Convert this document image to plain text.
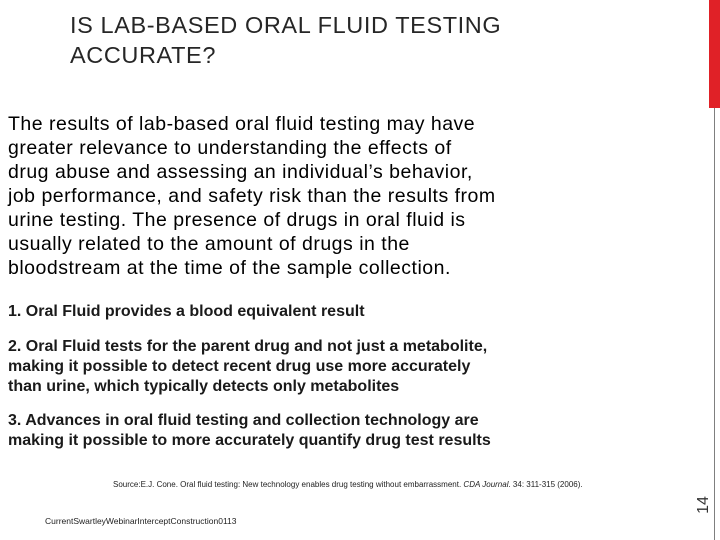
IS LAB-BASED ORAL FLUID TESTING
ACCURATE?
The results of lab-based oral fluid testing may have
greater relevance to understanding the effects of
drug abuse and assessing an individual’s behavior,
job performance, and safety risk than the results from
urine testing. The presence of drugs in oral fluid is
usually related to the amount of drugs in the
bloodstream at the time of the sample collection.
1. Oral Fluid provides a blood equivalent result
2. Oral Fluid tests for the parent drug and not just a metabolite,
making it possible to detect recent drug use more accurately
than urine, which typically detects only metabolites
3. Advances in oral fluid testing and collection technology are
making it possible to more accurately quantify drug test results
Source:E.J. Cone. Oral fluid testing: New technology enables drug testing without embarrassment. CDA Journal. 34: 311-315 (2006).
CurrentSwartleyWebinarInterceptConstruction0113
14
